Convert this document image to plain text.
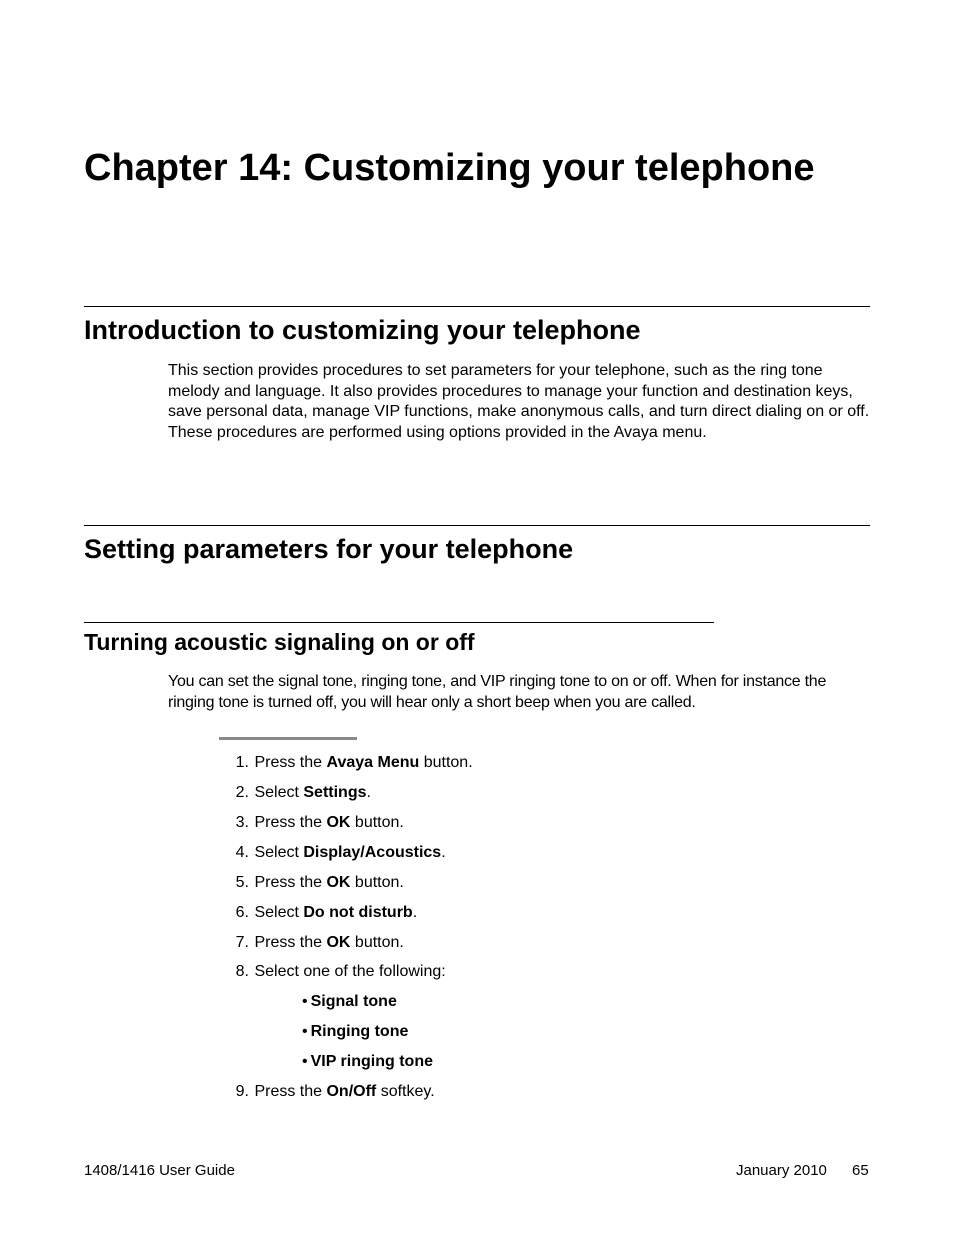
Chapter 14: Customizing your telephone
Introduction to customizing your telephone

This section provides procedures to set parameters for your telephone, such as the ring tone melody and language. It also provides procedures to manage your function and destination keys, save personal data, manage VIP functions, make anonymous calls, and turn direct dialing on or off. These procedures are performed using options provided in the Avaya menu.

Setting parameters for your telephone
Turning acoustic signaling on or off

You can set the signal tone, ringing tone, and VIP ringing tone to on or off. When for instance the ringing tone is turned off, you will hear only a short beep when you are called.

1. Press the Avaya Menu button.
2. Select Settings.
3. Press the OK button.
4. Select Display/Acoustics.
5. Press the OK button.
6. Select Do not disturb.
7. Press the OK button.
8. Select one of the following:
• Signal tone
• Ringing tone
• VIP ringing tone
9. Press the On/Off softkey.
1408/1416 User Guide	January 2010 65
